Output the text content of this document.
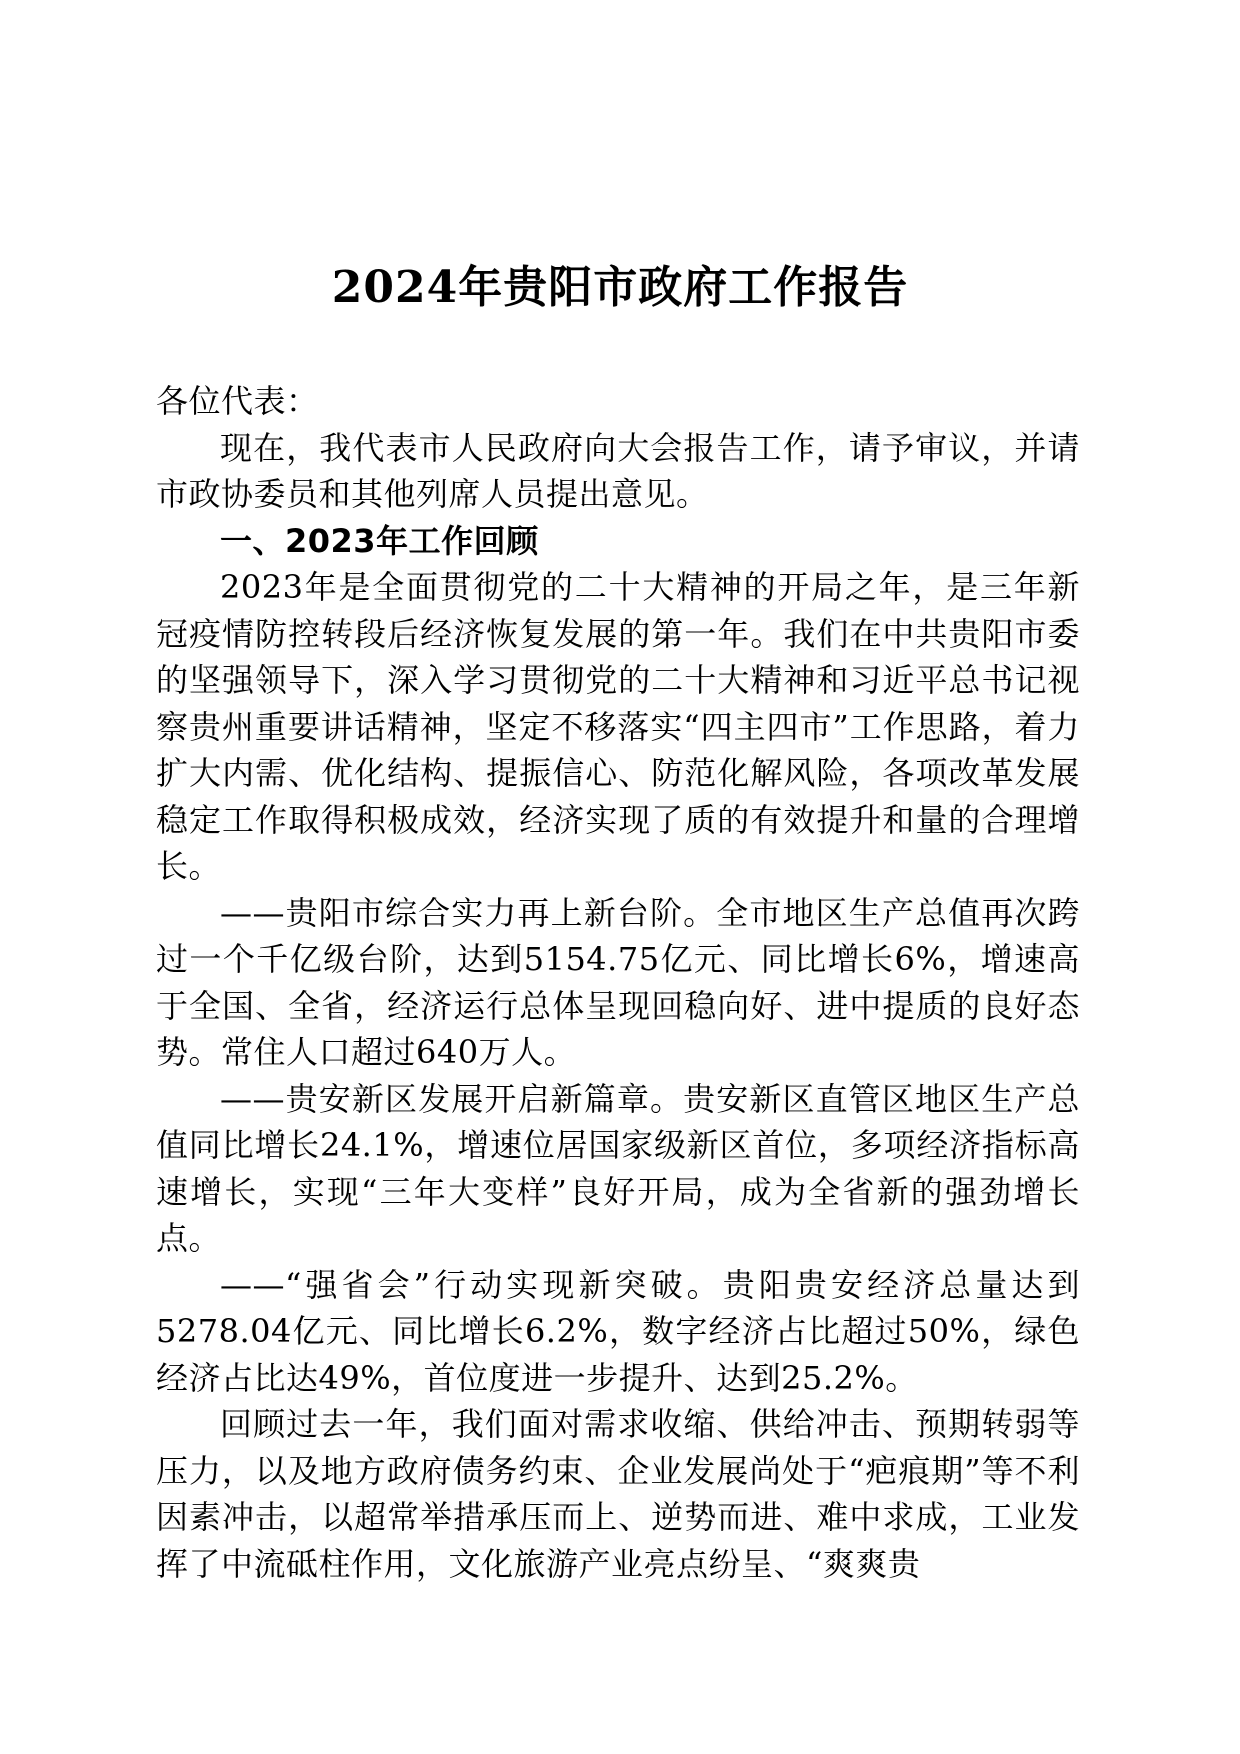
2024年贵阳市政府工作报告

各位代表：

现在，我代表市人民政府向大会报告工作，请予审议，并请市政协委员和其他列席人员提出意见。

一、2023年工作回顾

2023年是全面贯彻党的二十大精神的开局之年，是三年新冠疫情防控转段后经济恢复发展的第一年。我们在中共贵阳市委的坚强领导下，深入学习贯彻党的二十大精神和习近平总书记视察贵州重要讲话精神，坚定不移落实“四主四市”工作思路，着力扩大内需、优化结构、提振信心、防范化解风险，各项改革发展稳定工作取得积极成效，经济实现了质的有效提升和量的合理增长。

——贵阳市综合实力再上新台阶。全市地区生产总值再次跨过一个千亿级台阶，达到5154.75亿元、同比增长6%，增速高于全国、全省，经济运行总体呈现回稳向好、进中提质的良好态势。常住人口超过640万人。

——贵安新区发展开启新篇章。贵安新区直管区地区生产总值同比增长24.1%，增速位居国家级新区首位，多项经济指标高速增长，实现“三年大变样”良好开局，成为全省新的强劲增长点。

——“强省会”行动实现新突破。贵阳贵安经济总量达到5278.04亿元、同比增长6.2%，数字经济占比超过50%，绿色经济占比达49%，首位度进一步提升、达到25.2%。

回顾过去一年，我们面对需求收缩、供给冲击、预期转弱等压力，以及地方政府债务约束、企业发展尚处于“疤痕期”等不利因素冲击，以超常举措承压而上、逆势而进、难中求成，工业发挥了中流砥柱作用，文化旅游产业亮点纷呈、“爽爽贵
